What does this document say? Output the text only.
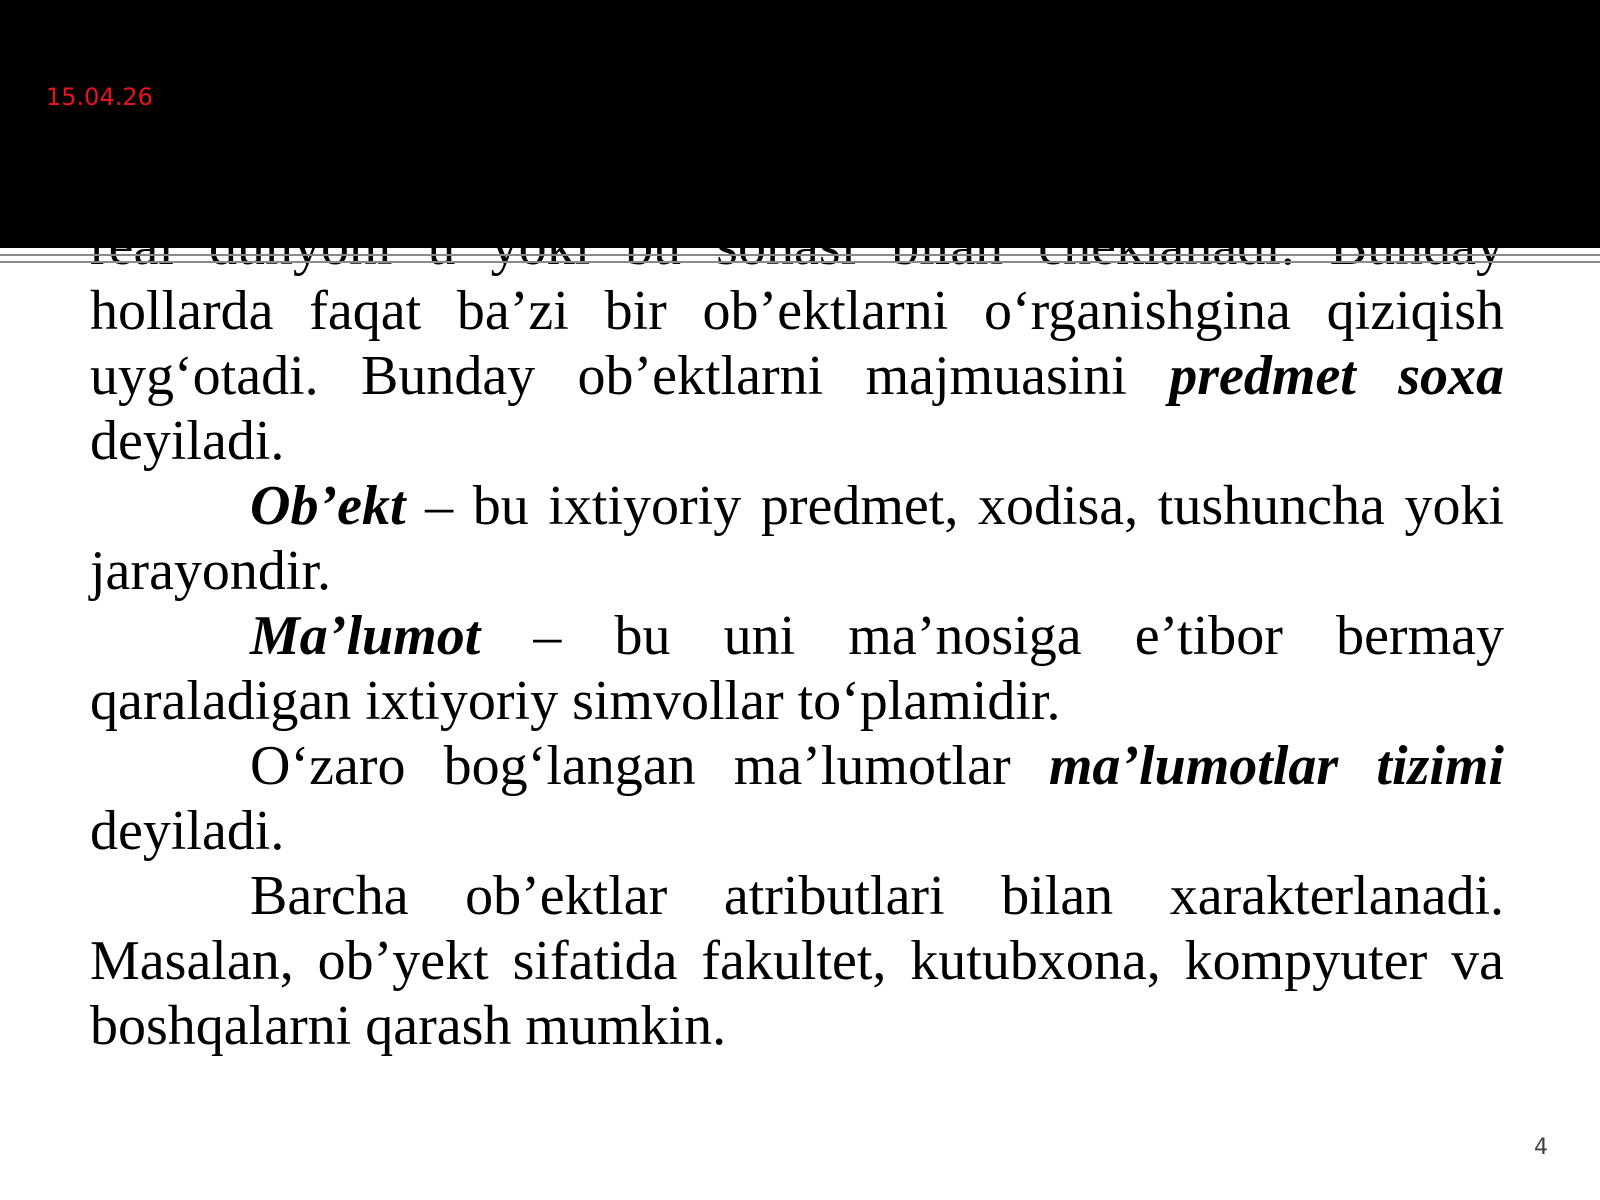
15.04.26

hollarda faqat ba’zi bir ob’ektlarni o‘rganishgina qiziqish uyg‘otadi. Bunday ob’ektlarni majmuasini predmet soxa deyiladi.

Ob’ekt – bu ixtiyoriy predmet, xodisa, tushuncha yoki jarayondir.

Ma’lumot – bu uni ma’nosiga e’tibor bermay qaraladigan ixtiyoriy simvollar to‘plamidir.

O‘zaro bog‘langan ma’lumotlar ma’lumotlar tizimi deyiladi.

Barcha ob’ektlar atributlari bilan xarakterlanadi. Masalan, ob’yekt sifatida fakultet, kutubxona, kompyuter va boshqalarni qarash mumkin.

4
